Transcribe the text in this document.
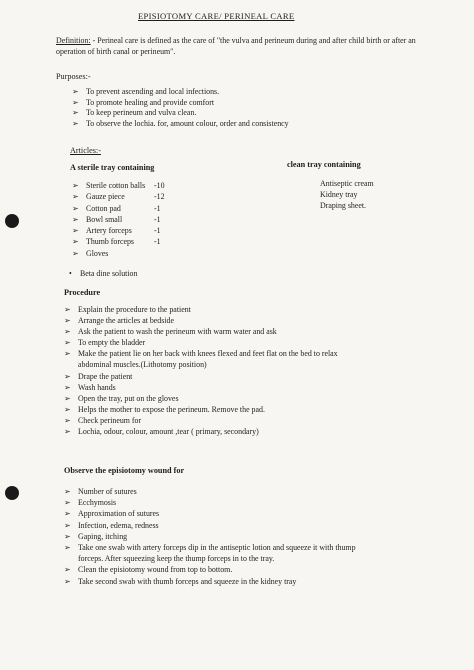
EPISIOTOMY CARE/ PERINEAL CARE
Definition: - Perineal care is defined as the care of "the vulva and perineum during and after child birth or after an operation of birth canal or perineum".
Purposes:-
➢ To prevent ascending and local infections.
➢ To promote healing and provide comfort
➢ To keep perineum and vulva clean.
➢ To observe the lochia. for, amount colour, order and consistency
Articles:-
A sterile tray containing
➢ Sterile cotton balls -10
➢ Gauze piece	-12
➢ Cotton pad	-1
➢ Bowl small	-1
➢ Artery forceps	-1
➢ Thumb forceps	-1
➢ Gloves
• Beta dine solution
clean tray containing
Antiseptic cream
Kidney tray
Draping sheet.
Procedure
➢ Explain the procedure to the patient
➢ Arrange the articles at bedside
➢ Ask the patient to wash the perineum with warm water and ask
➢ To empty the bladder
➢ Make the patient lie on her back with knees flexed and feet flat on the bed to relax
abdominal muscles.(Lithotomy position)
➢ Drape the patient
➢ Wash hands
➢ Open the tray, put on the gloves
➢ Helps the mother to expose the perineum. Remove the pad.
➢ Check perineum for
➢ Lochia, odour, colour, amount ,tear ( primary, secondary)
Observe the episiotomy wound for
➢ Number of sutures
➢ Ecchymosis
➢ Approximation of sutures
➢ Infection, edema, redness
➢ Gaping, itching
➢ Take one swab with artery forceps dip in the antiseptic lotion and squeeze it with thump
forceps. After squeezing keep the thump forceps in to the tray.
➢ Clean the episiotomy wound from top to bottom.
➢ Take second swab with thumb forceps and squeeze in the kidney tray
